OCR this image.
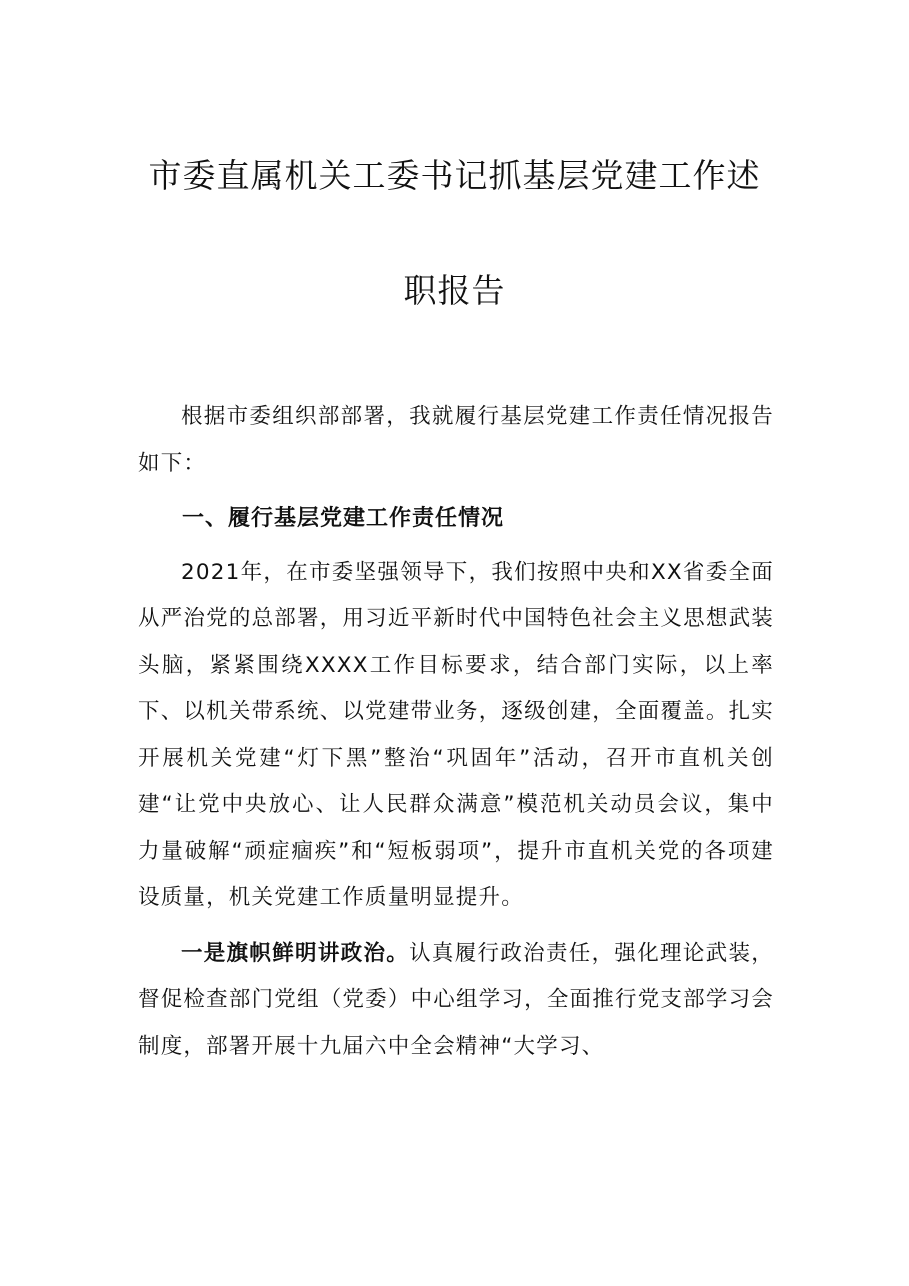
市委直属机关工委书记抓基层党建工作述
职报告

根据市委组织部部署，我就履行基层党建工作责任情况报告如下：

一、履行基层党建工作责任情况

2021年，在市委坚强领导下，我们按照中央和XX省委全面从严治党的总部署，用习近平新时代中国特色社会主义思想武装头脑，紧紧围绕XXXX工作目标要求，结合部门实际，以上率下、以机关带系统、以党建带业务，逐级创建，全面覆盖。扎实开展机关党建“灯下黑”整治“巩固年”活动，召开市直机关创建“让党中央放心、让人民群众满意”模范机关动员会议，集中力量破解“顽症痼疾”和“短板弱项”，提升市直机关党的各项建设质量，机关党建工作质量明显提升。

一是旗帜鲜明讲政治。认真履行政治责任，强化理论武装，督促检查部门党组（党委）中心组学习，全面推行党支部学习会制度，部署开展十九届六中全会精神“大学习、
